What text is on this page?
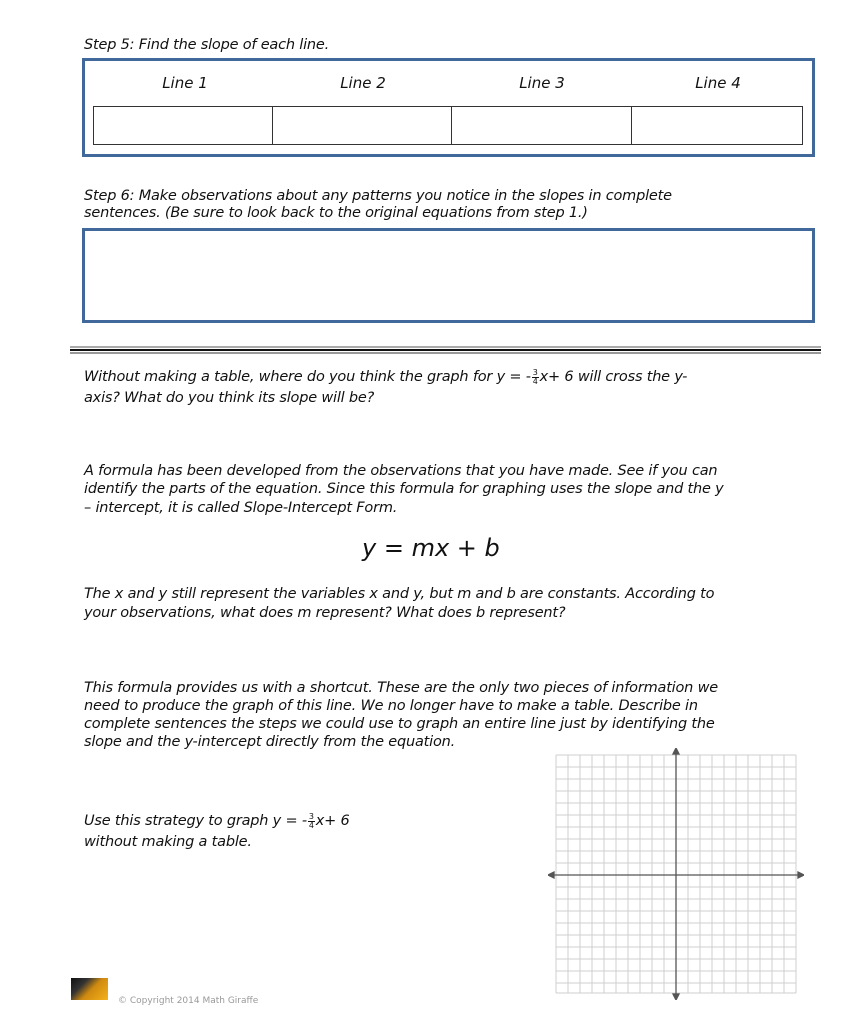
Step 5: Find the slope of each line.
Line 1	Line 2	Line 3	Line 4

Step 6: Make observations about any patterns you notice in the slopes in complete
sentences. (Be sure to look back to the original equations from step 1.)
Without making a table, where do you think the graph for y = - $\frac{3}{4} x+ 6$ will cross the y-
axis? What do you think its slope will be?
A formula has been developed from the observations that you have made. See if you can
identify the parts of the equation. Since this formula for graphing uses the slope and the y
– intercept, it is called Slope-Intercept Form.
y = mx + b
The x and y still represent the variables x and y, but m and b are constants. According to
your observations, what does m represent? What does b represent?
This formula provides us with a shortcut. These are the only two pieces of information we
need to produce the graph of this line. We no longer have to make a table. Describe in
complete sentences the steps we could use to graph an entire line just by identifying the
slope and the y-intercept directly from the equation.
Use this strategy to graph y = - $\frac{3}{4} x+ 6$
without making a table.
© Copyright 2014 Math Giraffe
